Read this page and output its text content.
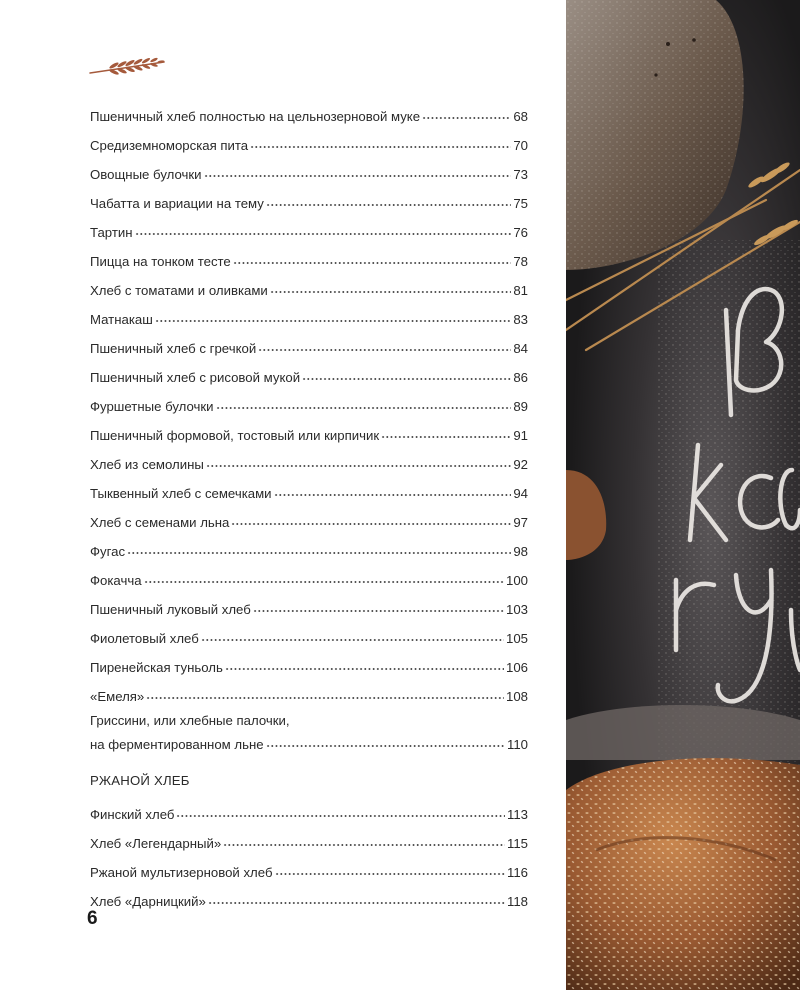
Пшеничный хлеб полностью на цельнозерновой муке	68
Средиземноморская пита	70
Овощные булочки	73
Чабатта и вариации на тему	75
Тартин	76
Пицца на тонком тесте	78
Хлеб с томатами и оливками	81
Матнакаш	83
Пшеничный хлеб с гречкой	84
Пшеничный хлеб с рисовой мукой	86
Фуршетные булочки	89
Пшеничный формовой, тостовый или кирпичик	91
Хлеб из семолины	92
Тыквенный хлеб с семечками	94
Хлеб с семенами льна	97
Фугас	98
Фокачча	100
Пшеничный луковый хлеб	103
Фиолетовый хлеб	105
Пиренейская туньоль	106
«Емеля»	108
Гриссини, или хлебные палочки,
на ферментированном льне	110
РЖАНОЙ ХЛЕБ
Финский хлеб	113
Хлеб «Легендарный»	115
Ржаной мультизерновой хлеб	116
Хлеб «Дарницкий»	118
6
